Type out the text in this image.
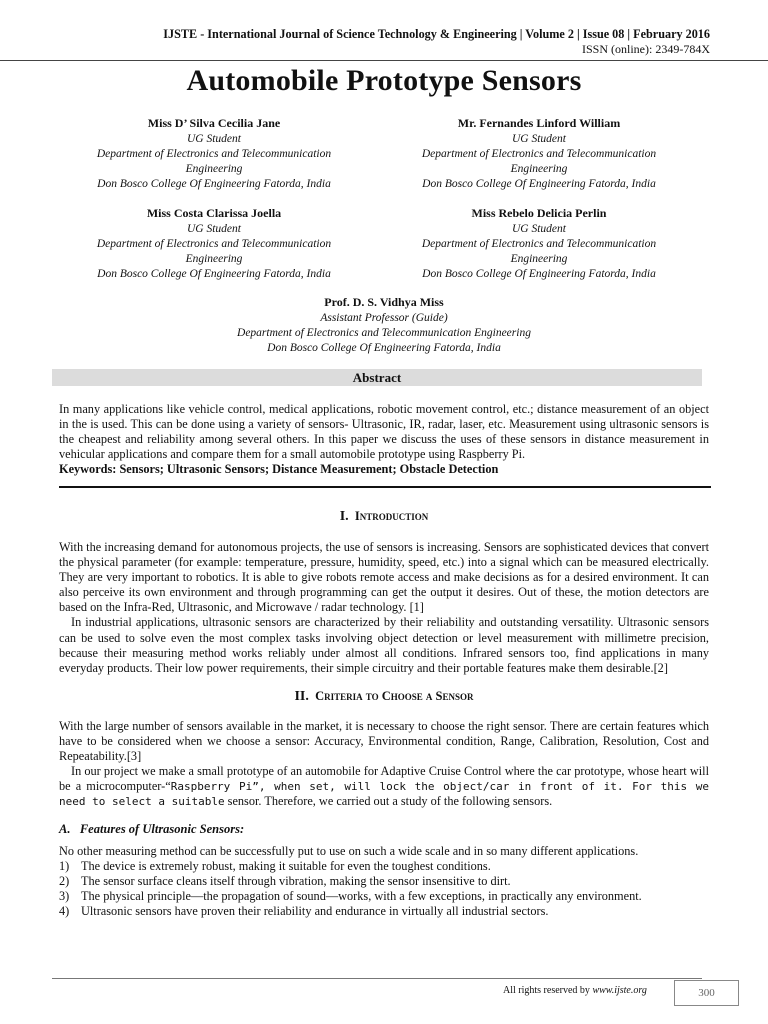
IJSTE - International Journal of Science Technology & Engineering | Volume 2 | Issue 08 | February 2016
ISSN (online): 2349-784X
Automobile Prototype Sensors
Miss D’ Silva Cecilia Jane
UG Student
Department of Electronics and Telecommunication Engineering
Don Bosco College Of Engineering Fatorda, India
Mr. Fernandes Linford William
UG Student
Department of Electronics and Telecommunication Engineering
Don Bosco College Of Engineering Fatorda, India
Miss Costa Clarissa Joella
UG Student
Department of Electronics and Telecommunication Engineering
Don Bosco College Of Engineering Fatorda, India
Miss Rebelo Delicia Perlin
UG Student
Department of Electronics and Telecommunication Engineering
Don Bosco College Of Engineering Fatorda, India
Prof. D. S. Vidhya Miss
Assistant Professor (Guide)
Department of Electronics and Telecommunication Engineering
Don Bosco College Of Engineering Fatorda, India
Abstract
In many applications like vehicle control, medical applications, robotic movement control, etc.; distance measurement of an object in the is used. This can be done using a variety of sensors- Ultrasonic, IR, radar, laser, etc. Measurement using ultrasonic sensors is the cheapest and reliability among several others. In this paper we discuss the uses of these sensors in distance measurement in vehicular applications and compare them for a small automobile prototype using Raspberry Pi.
Keywords: Sensors; Ultrasonic Sensors; Distance Measurement; Obstacle Detection
I. Introduction
With the increasing demand for autonomous projects, the use of sensors is increasing. Sensors are sophisticated devices that convert the physical parameter (for example: temperature, pressure, humidity, speed, etc.) into a signal which can be measured electrically. They are very important to robotics. It is able to give robots remote access and make decisions as for a desired environment. It can also perceive its own environment and through programming can get the output it desires. Out of these, the motion detectors are based on the Infra-Red, Ultrasonic, and Microwave / radar technology. [1]
In industrial applications, ultrasonic sensors are characterized by their reliability and outstanding versatility. Ultrasonic sensors can be used to solve even the most complex tasks involving object detection or level measurement with millimetre precision, because their measuring method works reliably under almost all conditions. Infrared sensors too, find applications in many everyday products. Their low power requirements, their simple circuitry and their portable features make them desirable.[2]
II. Criteria to Choose a Sensor
With the large number of sensors available in the market, it is necessary to choose the right sensor. There are certain features which have to be considered when we choose a sensor: Accuracy, Environmental condition, Range, Calibration, Resolution, Cost and Repeatability.[3]
In our project we make a small prototype of an automobile for Adaptive Cruise Control where the car prototype, whose heart will be a microcomputer-“Raspberry Pi”, when set, will lock the object/car in front of it. For this we need to select a suitable sensor. Therefore, we carried out a study of the following sensors.
A. Features of Ultrasonic Sensors:
No other measuring method can be successfully put to use on such a wide scale and in so many different applications.
1) The device is extremely robust, making it suitable for even the toughest conditions.
2) The sensor surface cleans itself through vibration, making the sensor insensitive to dirt.
3) The physical principle—the propagation of sound—works, with a few exceptions, in practically any environment.
4) Ultrasonic sensors have proven their reliability and endurance in virtually all industrial sectors.
All rights reserved by www.ijste.org	300
